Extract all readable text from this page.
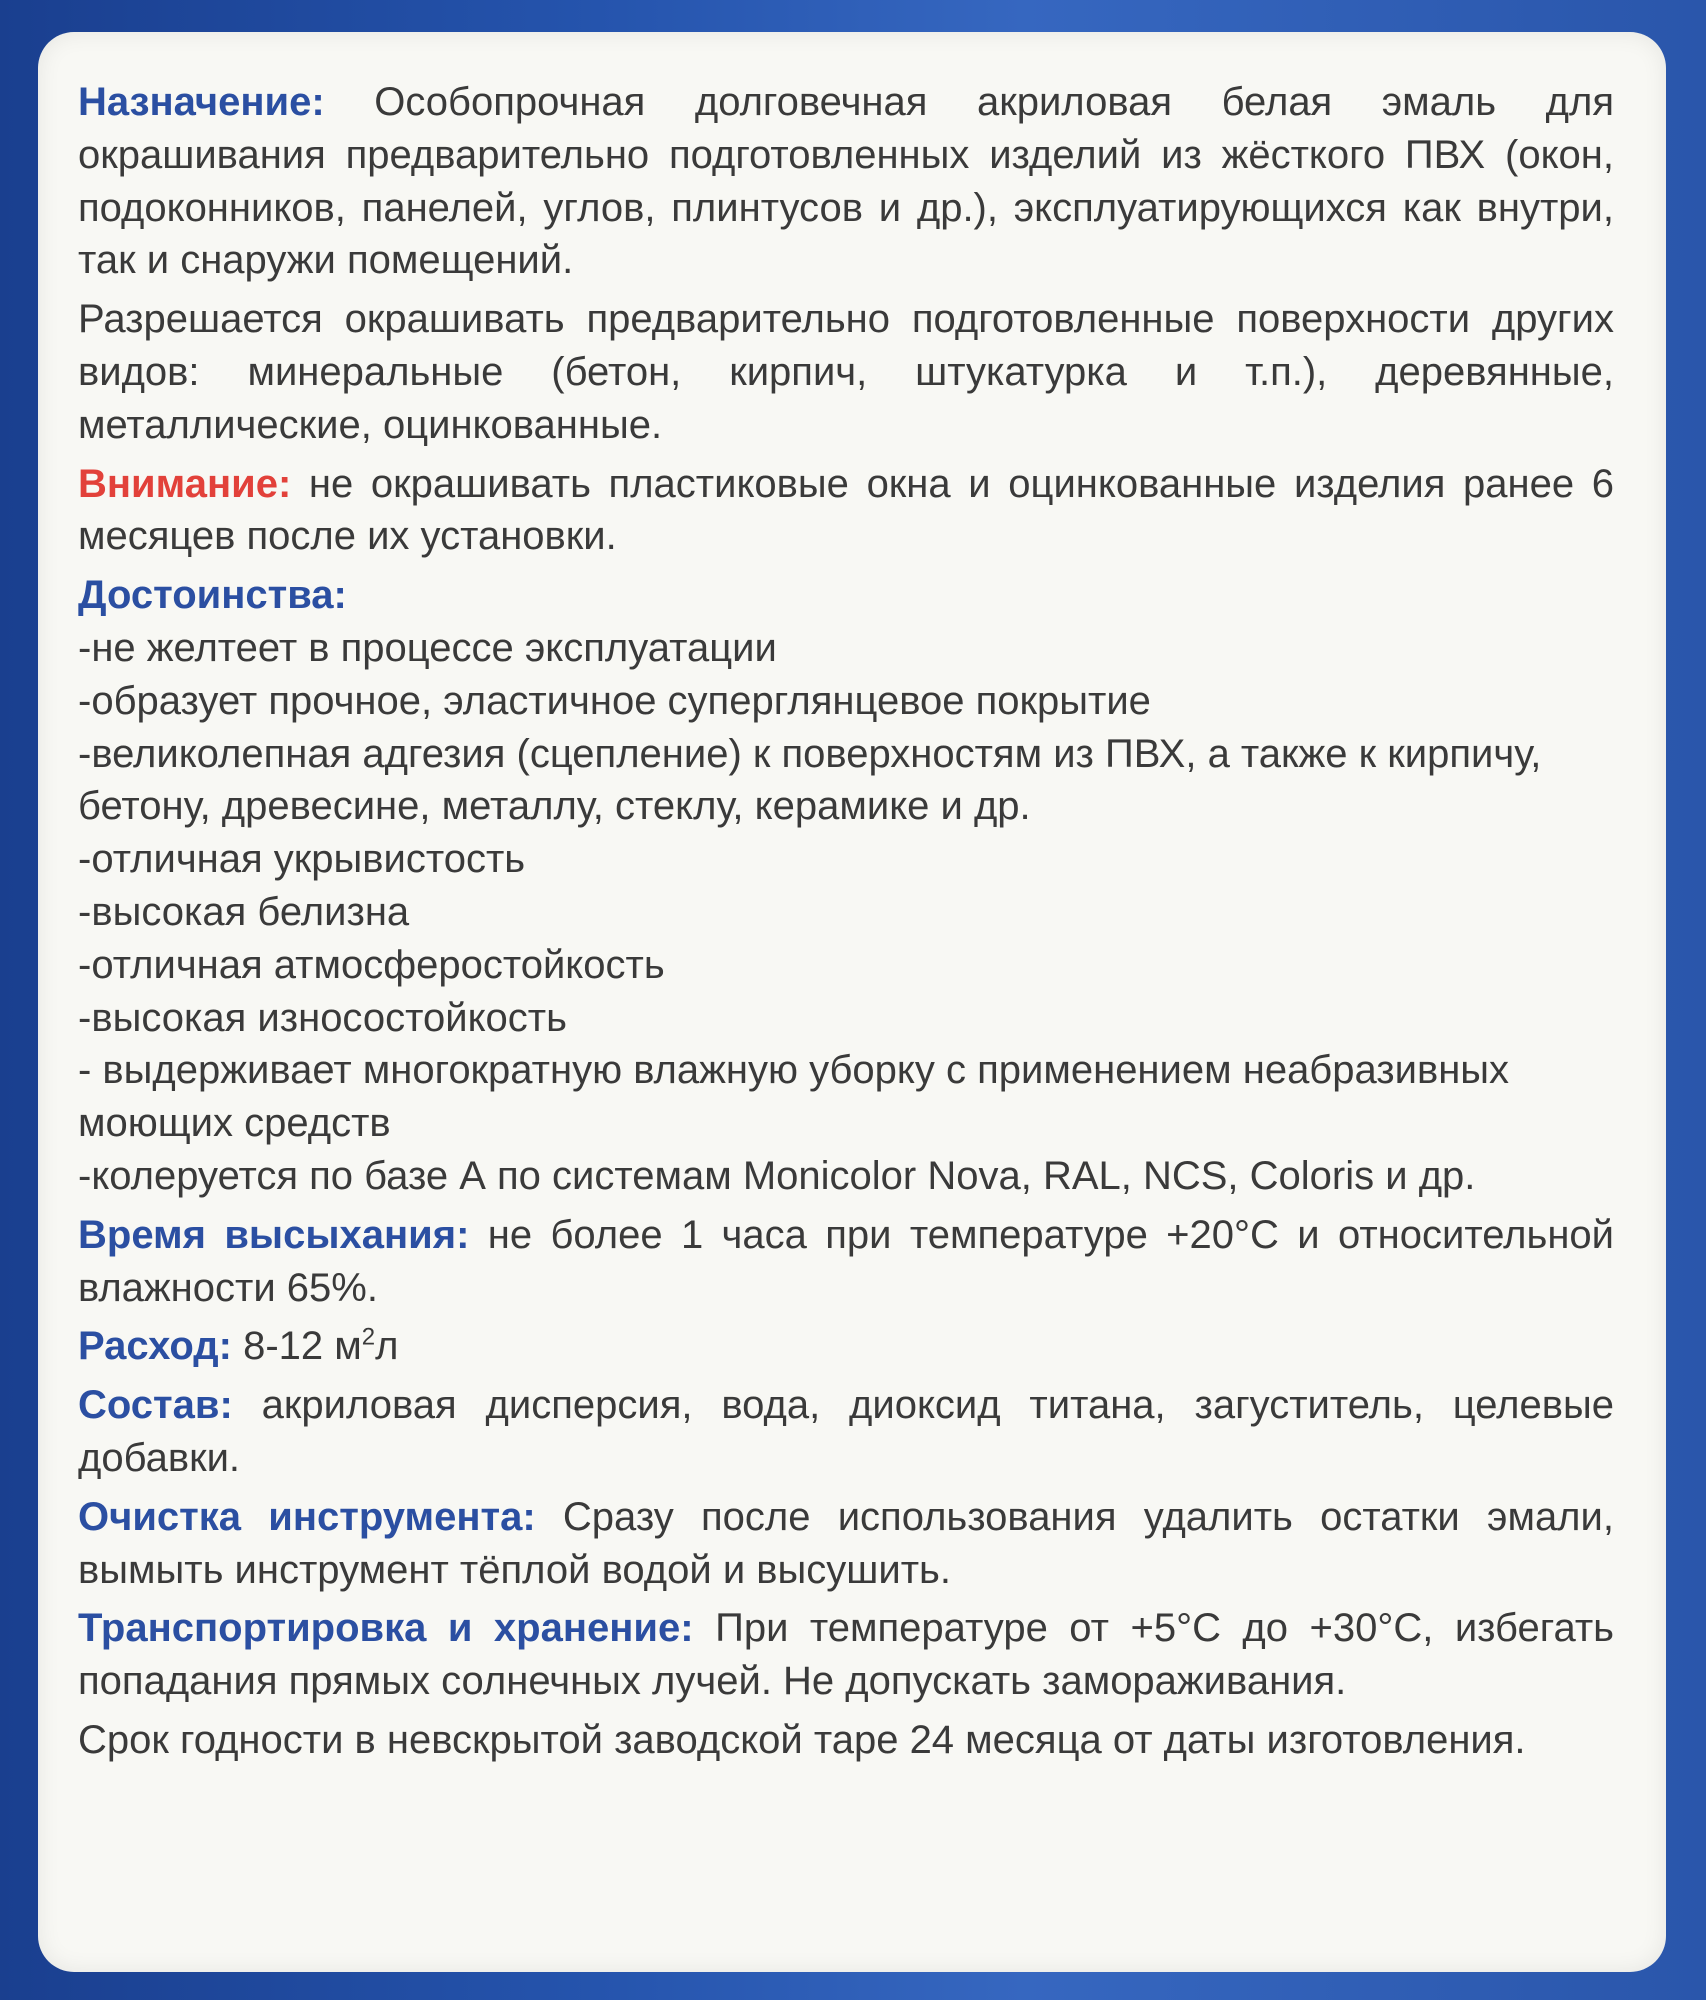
Назначение: Особопрочная долговечная акриловая белая эмаль для окрашивания предварительно подготовленных изделий из жёсткого ПВХ (окон, подоконников, панелей, углов, плинтусов и др.), эксплуатирующихся как внутри, так и снаружи помещений.

Разрешается окрашивать предварительно подготовленные поверхности других видов: минеральные (бетон, кирпич, штукатурка и т.п.), деревянные, металлические, оцинкованные.

Внимание: не окрашивать пластиковые окна и оцинкованные изделия ранее 6 месяцев после их установки.

Достоинства:

-не желтеет в процессе эксплуатации
-образует прочное, эластичное суперглянцевое покрытие
-великолепная адгезия (сцепление) к поверхностям из ПВХ, а также к кирпичу, бетону, древесине, металлу, стеклу, керамике и др.
-отличная укрывистость
-высокая белизна
-отличная атмосферостойкость
-высокая износостойкость
- выдерживает многократную влажную уборку с применением неабразивных моющих средств
-колеруется по базе А по системам Monicolor Nova, RAL, NCS, Coloris и др.

Время высыхания: не более 1 часа при температуре +20°С и относительной влажности 65%.

Расход: 8-12 $м^2л$

Состав: акриловая дисперсия, вода, диоксид титана, загуститель, целевые добавки.

Очистка инструмента: Сразу после использования удалить остатки эмали, вымыть инструмент тёплой водой и высушить.

Транспортировка и хранение: При температуре от +5°С до +30°С, избегать попадания прямых солнечных лучей. Не допускать замораживания.

Срок годности в невскрытой заводской таре 24 месяца от даты изготовления.
